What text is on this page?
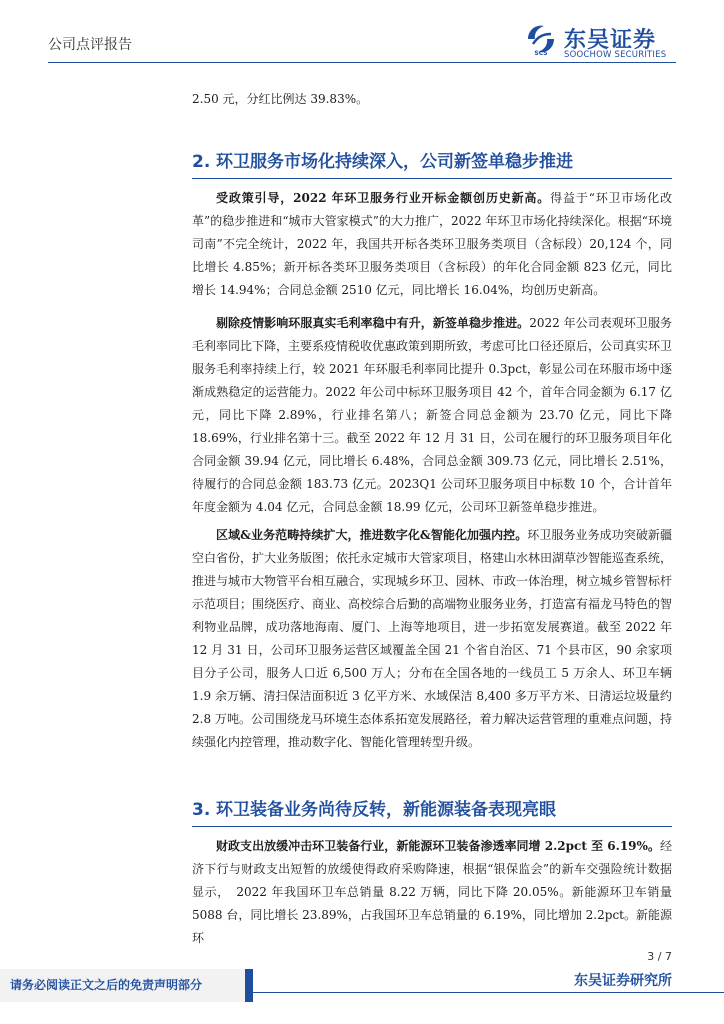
公司点评报告
SCS
东吴证券
SOOCHOW SECURITIES

2.50 元，分红比例达 39.83%。

2. 环卫服务市场化持续深入，公司新签单稳步推进

受政策引导，2022 年环卫服务行业开标金额创历史新高。得益于“环卫市场化改革”的稳步推进和“城市大管家模式”的大力推广，2022 年环卫市场化持续深化。根据“环境司南”不完全统计，2022 年，我国共开标各类环卫服务类项目（含标段）20,124 个，同比增长 4.85%；新开标各类环卫服务类项目（含标段）的年化合同金额 823 亿元，同比增长 14.94%；合同总金额 2510 亿元，同比增长 16.04%，均创历史新高。

剔除疫情影响环服真实毛利率稳中有升，新签单稳步推进。2022 年公司表观环卫服务毛利率同比下降，主要系疫情税收优惠政策到期所致，考虑可比口径还原后，公司真实环卫服务毛利率持续上行，较 2021 年环服毛利率同比提升 0.3pct，彰显公司在环服市场中逐渐成熟稳定的运营能力。2022 年公司中标环卫服务项目 42 个，首年合同金额为 6.17 亿元，同比下降 2.89%，行业排名第八；新签合同总金额为 23.70 亿元，同比下降 18.69%，行业排名第十三。截至 2022 年 12 月 31 日，公司在履行的环卫服务项目年化合同金额 39.94 亿元，同比增长 6.48%，合同总金额 309.73 亿元，同比增长 2.51%，待履行的合同总金额 183.73 亿元。2023Q1 公司环卫服务项目中标数 10 个，合计首年年度金额为 4.04 亿元，合同总金额 18.99 亿元，公司环卫新签单稳步推进。

区域&业务范畴持续扩大，推进数字化&智能化加强内控。环卫服务业务成功突破新疆空白省份，扩大业务版图；依托永定城市大管家项目，格建山水林田湖草沙智能巡查系统，推进与城市大物管平台相互融合，实现城乡环卫、园林、市政一体治理，树立城乡管智标杆示范项目；围绕医疗、商业、高校综合后勤的高端物业服务业务，打造富有福龙马特色的智利物业品牌，成功落地海南、厦门、上海等地项目，进一步拓宽发展赛道。截至 2022 年 12 月 31 日，公司环卫服务运营区域覆盖全国 21 个省自治区、71 个县市区，90 余家项目分子公司，服务人口近 6,500 万人；分布在全国各地的一线员工 5 万余人、环卫车辆 1.9 余万辆、清扫保洁面积近 3 亿平方米、水域保洁 8,400 多万平方米、日清运垃圾量约 2.8 万吨。公司围绕龙马环境生态体系拓宽发展路径，着力解决运营管理的重难点问题，持续强化内控管理，推动数字化、智能化管理转型升级。

3. 环卫装备业务尚待反转，新能源装备表现亮眼

财政支出放缓冲击环卫装备行业，新能源环卫装备渗透率同增 2.2pct 至 6.19%。经济下行与财政支出短暂的放缓使得政府采购降速，根据“银保监会”的新车交强险统计数据显示，　2022 年我国环卫车总销量 8.22 万辆，同比下降 20.05%。新能源环卫车销量 5088 台，同比增长 23.89%，占我国环卫车总销量的 6.19%，同比增加 2.2pct。新能源环

3 / 7
请务必阅读正文之后的免责声明部分	东吴证券研究所
